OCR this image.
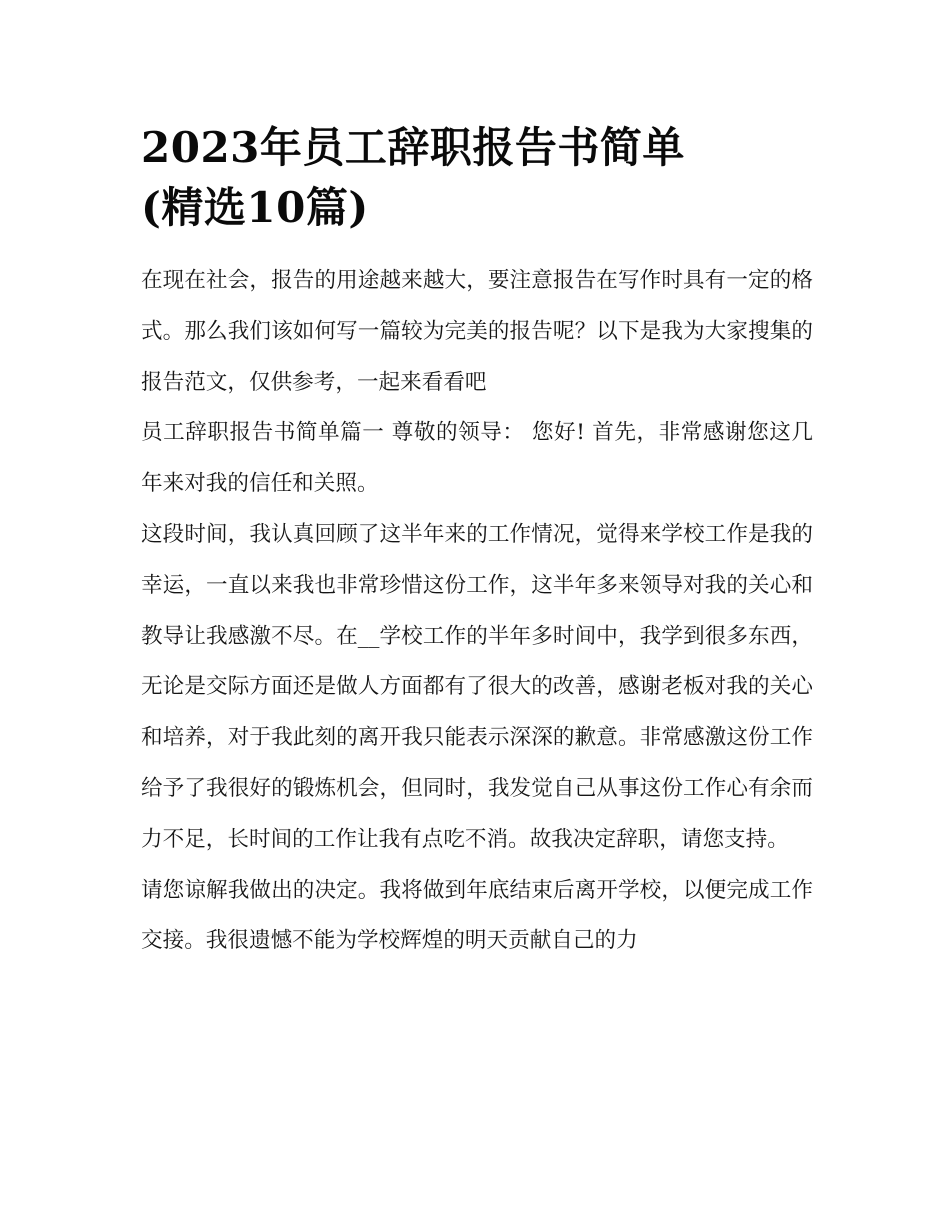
2023年员工辞职报告书简单
(精选10篇)

在现在社会，报告的用途越来越大，要注意报告在写作时具有一定的格式。那么我们该如何写一篇较为完美的报告呢？以下是我为大家搜集的报告范文，仅供参考，一起来看看吧

员工辞职报告书简单篇一 尊敬的领导： 您好! 首先，非常感谢您这几年来对我的信任和关照。

这段时间，我认真回顾了这半年来的工作情况，觉得来学校工作是我的幸运，一直以来我也非常珍惜这份工作，这半年多来领导对我的关心和教导让我感激不尽。在__学校工作的半年多时间中，我学到很多东西，无论是交际方面还是做人方面都有了很大的改善，感谢老板对我的关心和培养，对于我此刻的离开我只能表示深深的歉意。非常感激这份工作给予了我很好的锻炼机会，但同时，我发觉自己从事这份工作心有余而力不足，长时间的工作让我有点吃不消。故我决定辞职，请您支持。

请您谅解我做出的决定。我将做到年底结束后离开学校，以便完成工作交接。我很遗憾不能为学校辉煌的明天贡献自己的力
